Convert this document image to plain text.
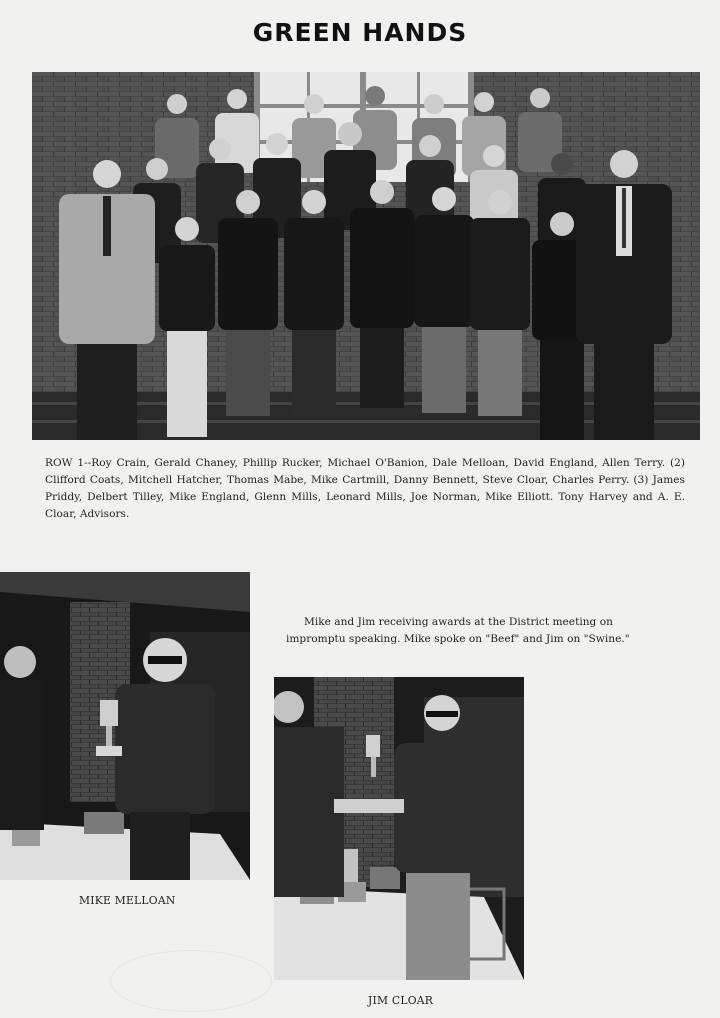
GREEN HANDS
ROW 1--Roy Crain, Gerald Chaney, Phillip Rucker, Michael O'Banion, Dale Melloan, David England, Allen Terry. (2) Clifford Coats, Mitchell Hatcher, Thomas Mabe, Mike Cartmill, Danny Bennett, Steve Cloar, Charles Perry. (3) James Priddy, Delbert Tilley, Mike England, Glenn Mills, Leonard Mills, Joe Norman, Mike Elliott. Tony Harvey and A. E. Cloar, Advisors.
MIKE MELLOAN
Mike and Jim receiving awards at the District meeting on impromptu speaking. Mike spoke on "Beef" and Jim on "Swine."
JIM CLOAR
